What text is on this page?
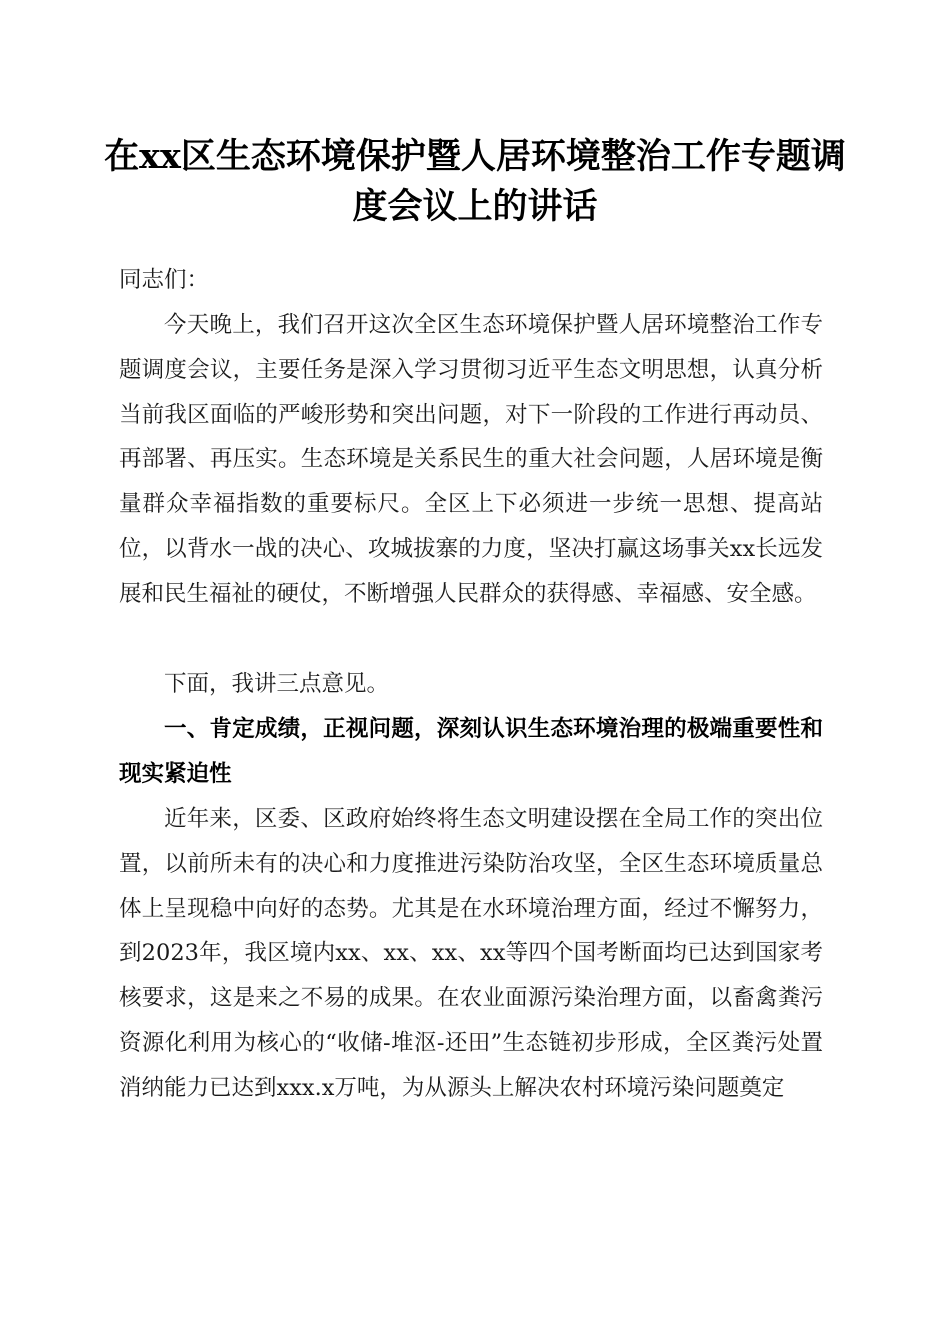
在xx区生态环境保护暨人居环境整治工作专题调度会议上的讲话

同志们：

今天晚上，我们召开这次全区生态环境保护暨人居环境整治工作专题调度会议，主要任务是深入学习贯彻习近平生态文明思想，认真分析当前我区面临的严峻形势和突出问题，对下一阶段的工作进行再动员、再部署、再压实。生态环境是关系民生的重大社会问题，人居环境是衡量群众幸福指数的重要标尺。全区上下必须进一步统一思想、提高站位，以背水一战的决心、攻城拔寨的力度，坚决打赢这场事关xx长远发展和民生福祉的硬仗，不断增强人民群众的获得感、幸福感、安全感。

下面，我讲三点意见。

一、肯定成绩，正视问题，深刻认识生态环境治理的极端重要性和现实紧迫性

近年来，区委、区政府始终将生态文明建设摆在全局工作的突出位置，以前所未有的决心和力度推进污染防治攻坚，全区生态环境质量总体上呈现稳中向好的态势。尤其是在水环境治理方面，经过不懈努力，到2023年，我区境内xx、xx、xx、xx等四个国考断面均已达到国家考核要求，这是来之不易的成果。在农业面源污染治理方面，以畜禽粪污资源化利用为核心的“收储-堆沤-还田”生态链初步形成，全区粪污处置消纳能力已达到xxx.x万吨，为从源头上解决农村环境污染问题奠定
